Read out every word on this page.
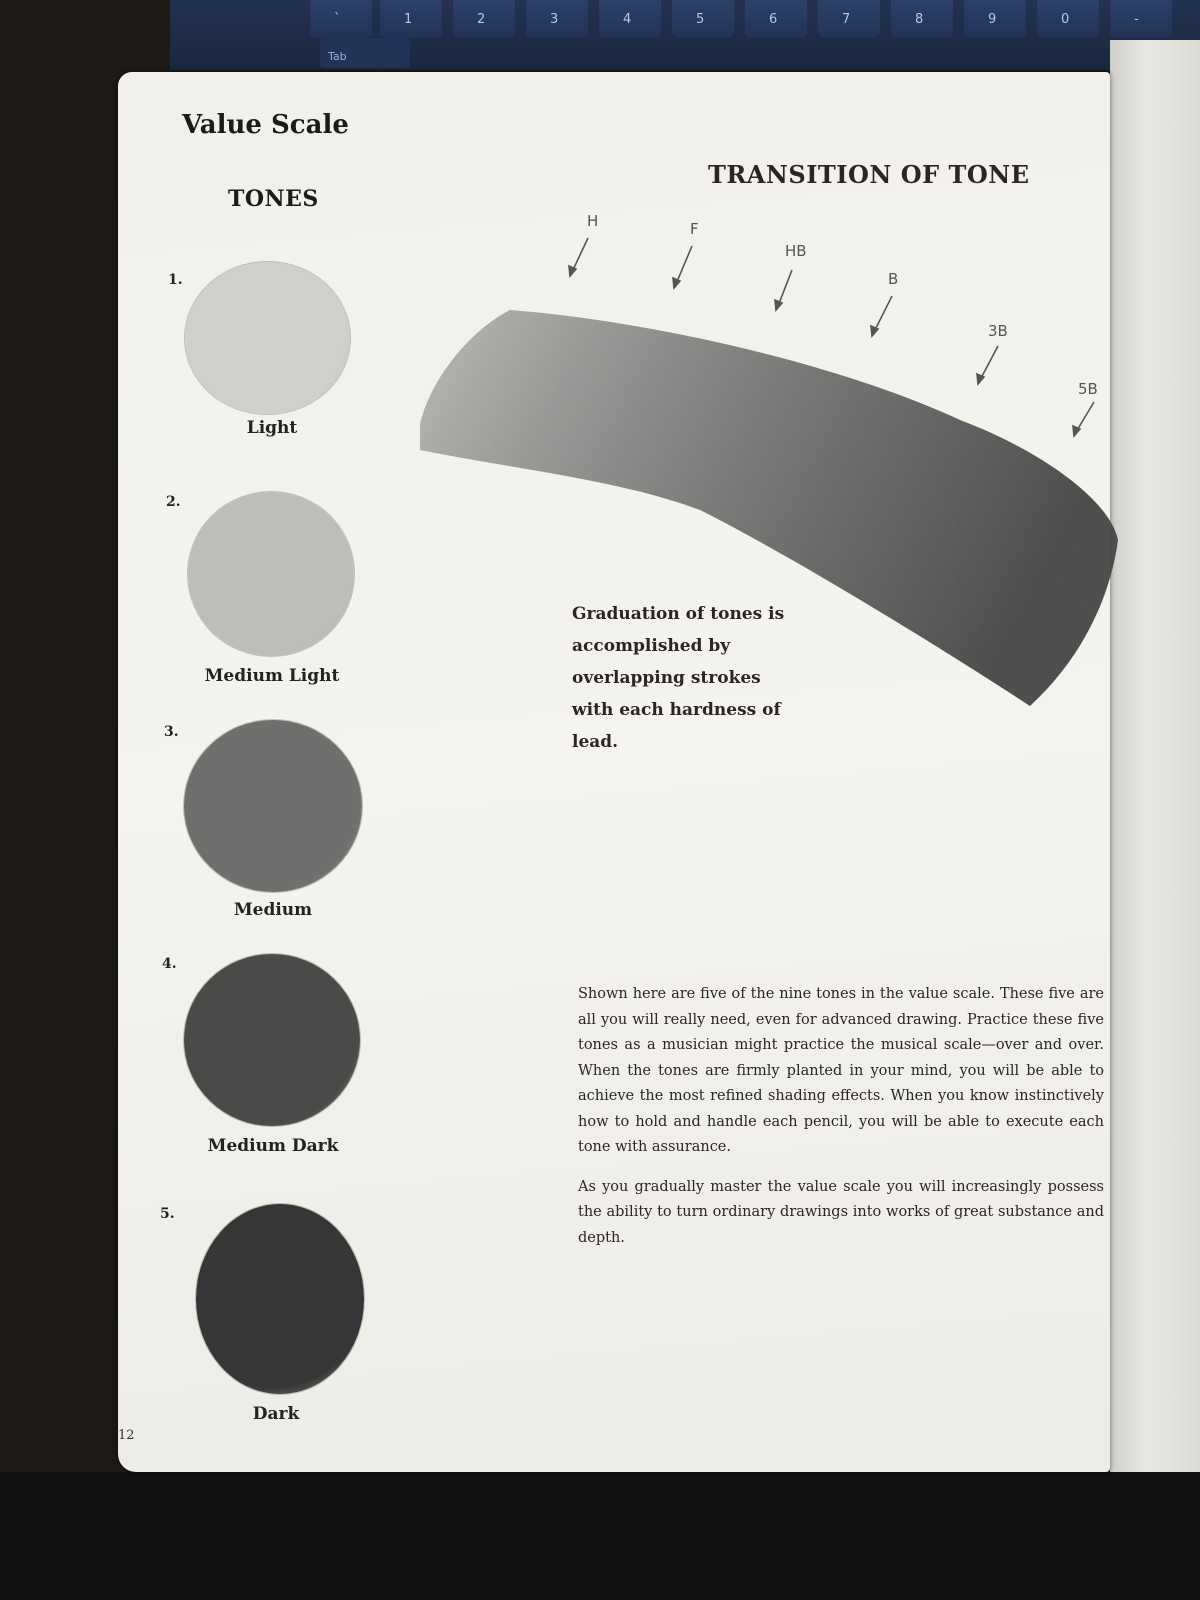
`	1	2	3	4	5	6	7	8	9	0	-
Tab
Value Scale
TONES
TRANSITION OF TONE
1.
2.
3.
4.
5.
Light
Medium Light
Medium
Medium Dark
Dark
H	F
HB
B
3B
5B
Graduation of tones is accomplished by overlapping strokes with each hardness of lead.

Shown here are five of the nine tones in the value scale. These five are all you will really need, even for advanced drawing. Practice these five tones as a musician might practice the musical scale—over and over. When the tones are firmly planted in your mind, you will be able to achieve the most refined shading effects. When you know instinctively how to hold and handle each pencil, you will be able to execute each tone with assurance.

As you gradually master the value scale you will increasingly possess the ability to turn ordinary drawings into works of great substance and depth.

12
